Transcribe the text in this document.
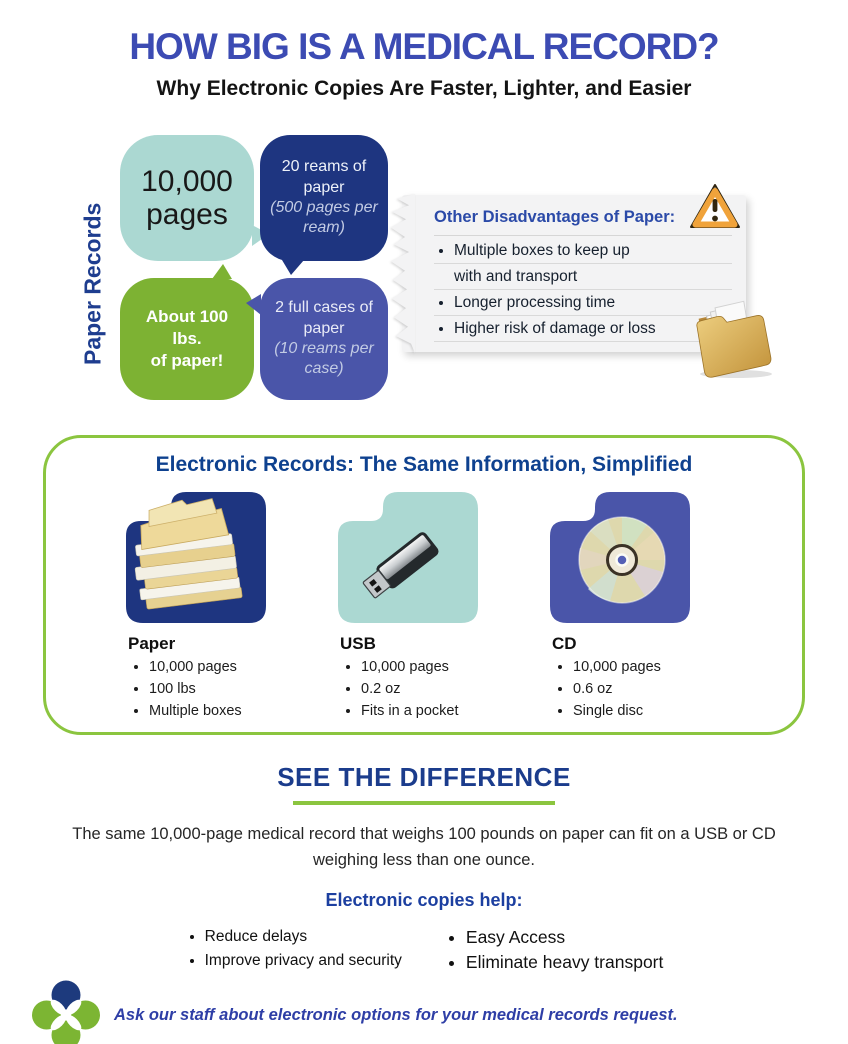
HOW BIG IS A MEDICAL RECORD?
Why Electronic Copies Are Faster, Lighter, and Easier
Paper Records
10,000
pages
20 reams of paper
(500 pages per ream)
About 100 lbs.
of paper!
2 full cases of paper
(10 reams per case)
Other Disadvantages of Paper:
• Multiple boxes to keep up
with and transport
• Longer processing time
• Higher risk of damage or loss
Electronic Records: The Same Information, Simplified
Paper
• 10,000 pages
• 100 lbs
• Multiple boxes
USB
• 10,000 pages
• 0.2 oz
• Fits in a pocket
CD
• 10,000 pages
• 0.6 oz
• Single disc
SEE THE DIFFERENCE

The same 10,000-page medical record that weighs 100 pounds on paper can fit on a USB or CD weighing less than one ounce.

Electronic copies help:
• Reduce delays
• Improve privacy and security
• Easy Access
• Eliminate heavy transport
Ask our staff about electronic options for your medical records request.
